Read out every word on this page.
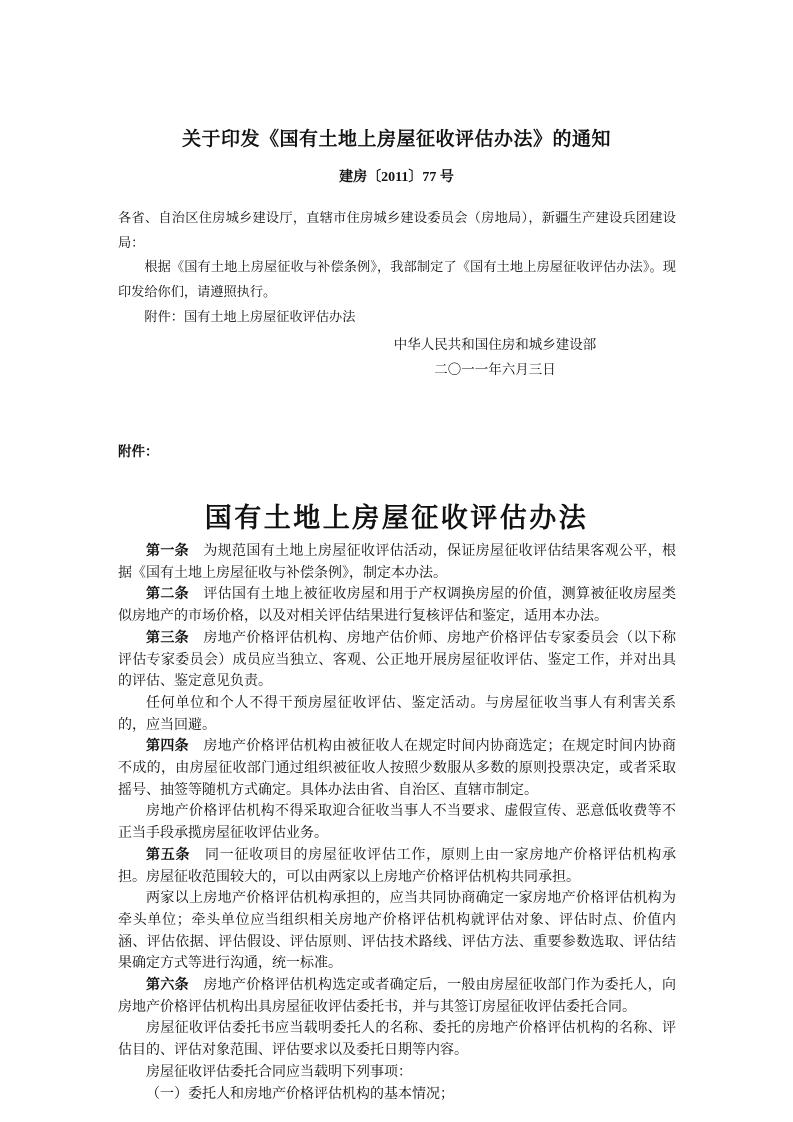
关于印发《国有土地上房屋征收评估办法》的通知
建房〔2011〕77 号

各省、自治区住房城乡建设厅，直辖市住房城乡建设委员会（房地局），新疆生产建设兵团建设局：

根据《国有土地上房屋征收与补偿条例》，我部制定了《国有土地上房屋征收评估办法》。现印发给你们，请遵照执行。

附件：国有土地上房屋征收评估办法

中华人民共和国住房和城乡建设部
二〇一一年六月三日
附件：
国有土地上房屋征收评估办法

第一条 为规范国有土地上房屋征收评估活动，保证房屋征收评估结果客观公平，根据《国有土地上房屋征收与补偿条例》，制定本办法。

第二条 评估国有土地上被征收房屋和用于产权调换房屋的价值，测算被征收房屋类似房地产的市场价格，以及对相关评估结果进行复核评估和鉴定，适用本办法。

第三条 房地产价格评估机构、房地产估价师、房地产价格评估专家委员会（以下称评估专家委员会）成员应当独立、客观、公正地开展房屋征收评估、鉴定工作，并对出具的评估、鉴定意见负责。

任何单位和个人不得干预房屋征收评估、鉴定活动。与房屋征收当事人有利害关系的，应当回避。

第四条 房地产价格评估机构由被征收人在规定时间内协商选定；在规定时间内协商不成的，由房屋征收部门通过组织被征收人按照少数服从多数的原则投票决定，或者采取摇号、抽签等随机方式确定。具体办法由省、自治区、直辖市制定。

房地产价格评估机构不得采取迎合征收当事人不当要求、虚假宣传、恶意低收费等不正当手段承揽房屋征收评估业务。

第五条 同一征收项目的房屋征收评估工作，原则上由一家房地产价格评估机构承担。房屋征收范围较大的，可以由两家以上房地产价格评估机构共同承担。

两家以上房地产价格评估机构承担的，应当共同协商确定一家房地产价格评估机构为牵头单位；牵头单位应当组织相关房地产价格评估机构就评估对象、评估时点、价值内涵、评估依据、评估假设、评估原则、评估技术路线、评估方法、重要参数选取、评估结果确定方式等进行沟通，统一标准。

第六条 房地产价格评估机构选定或者确定后，一般由房屋征收部门作为委托人，向房地产价格评估机构出具房屋征收评估委托书，并与其签订房屋征收评估委托合同。

房屋征收评估委托书应当载明委托人的名称、委托的房地产价格评估机构的名称、评估目的、评估对象范围、评估要求以及委托日期等内容。

房屋征收评估委托合同应当载明下列事项：

（一）委托人和房地产价格评估机构的基本情况；
